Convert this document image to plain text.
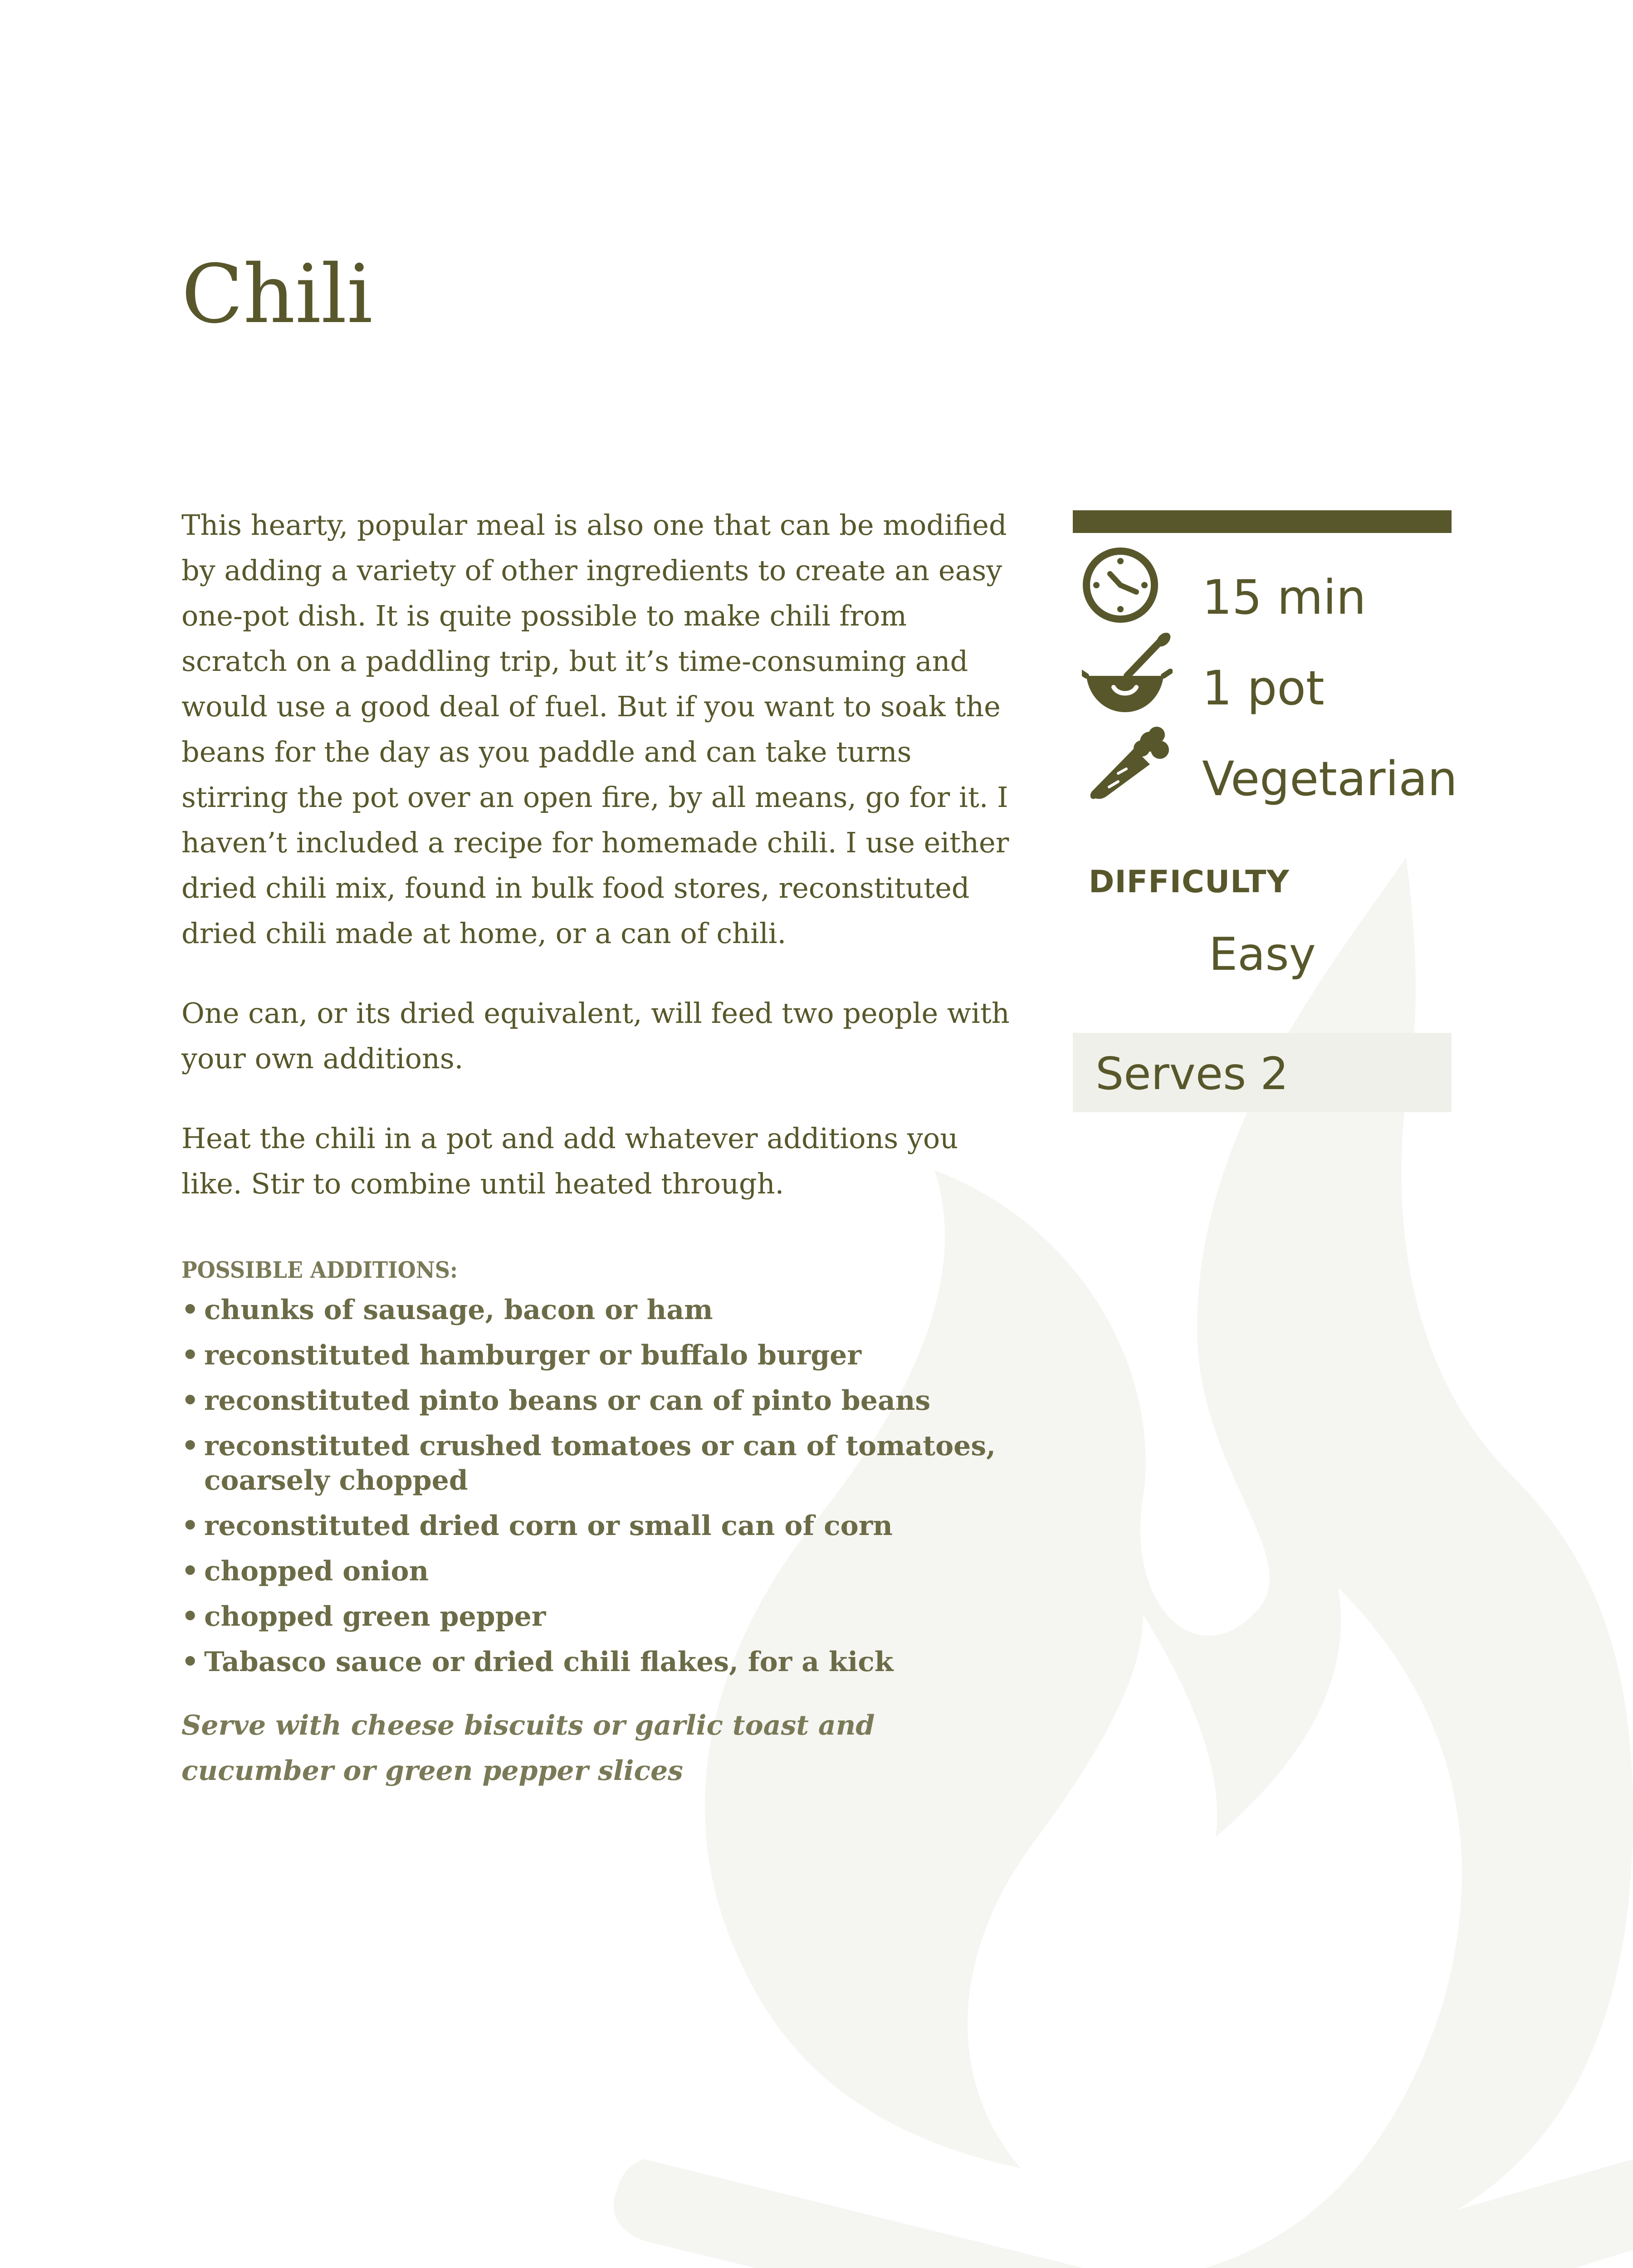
Chili

This hearty, popular meal is also one that can be modified by adding a variety of other ingredients to create an easy one-pot dish. It is quite possible to make chili from scratch on a paddling trip, but it’s time-consuming and would use a good deal of fuel. But if you want to soak the beans for the day as you paddle and can take turns stirring the pot over an open fire, by all means, go for it. I haven’t included a recipe for homemade chili. I use either dried chili mix, found in bulk food stores, reconstituted dried chili made at home, or a can of chili.

One can, or its dried equivalent, will feed two people with your own additions.

Heat the chili in a pot and add whatever additions you like. Stir to combine until heated through.

POSSIBLE ADDITIONS:
• chunks of sausage, bacon or ham
• reconstituted hamburger or buffalo burger
• reconstituted pinto beans or can of pinto beans
• reconstituted crushed tomatoes or can of tomatoes, coarsely chopped
• reconstituted dried corn or small can of corn
• chopped onion
• chopped green pepper
• Tabasco sauce or dried chili flakes, for a kick
Serve with cheese biscuits or garlic toast and cucumber or green pepper slices
15 min
1 pot
Vegetarian
DIFFICULTY
Easy
Serves 2
